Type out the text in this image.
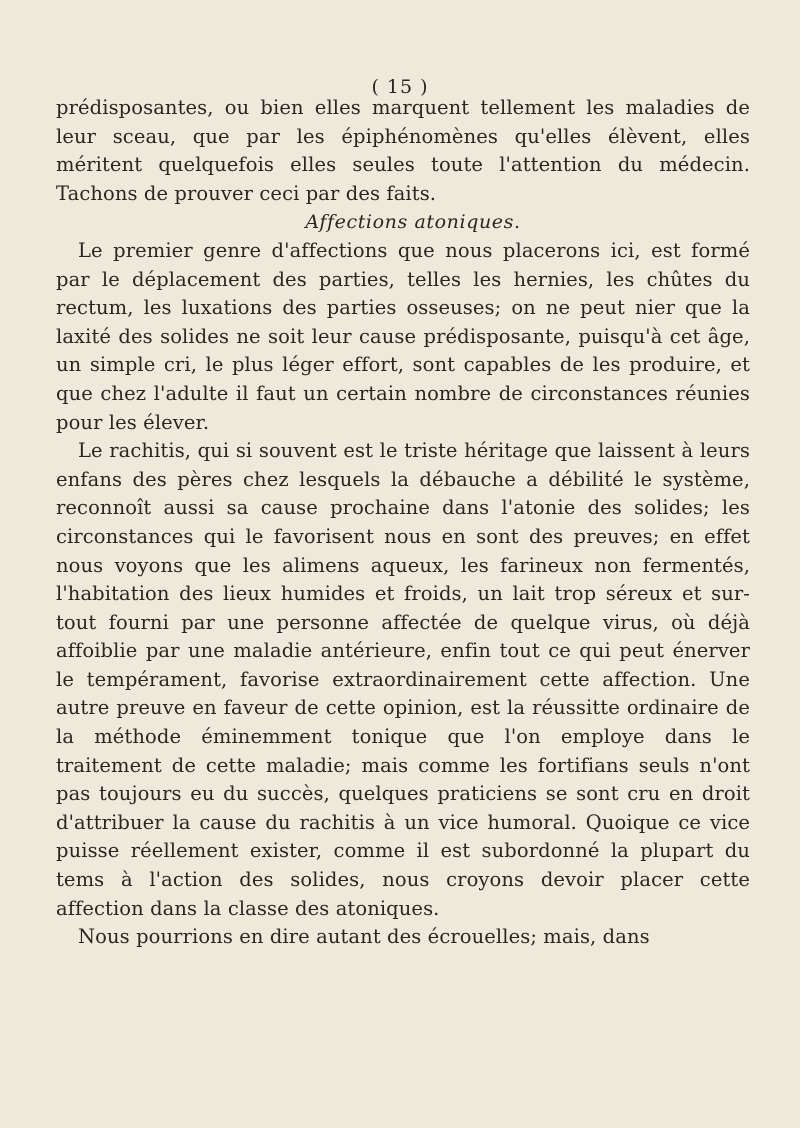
( 15 )

prédisposantes, ou bien elles marquent tellement les maladies de leur sceau, que par les épiphénomènes qu'elles élèvent, elles méritent quelquefois elles seules toute l'attention du médecin. Tachons de prouver ceci par des faits.

Affections atoniques.

Le premier genre d'affections que nous placerons ici, est formé par le déplacement des parties, telles les hernies, les chûtes du rectum, les luxations des parties osseuses; on ne peut nier que la laxité des solides ne soit leur cause prédisposante, puisqu'à cet âge, un simple cri, le plus léger effort, sont capables de les produire, et que chez l'adulte il faut un certain nombre de circonstances réunies pour les élever.

Le rachitis, qui si souvent est le triste héritage que laissent à leurs enfans des pères chez lesquels la débauche a débilité le système, reconnoît aussi sa cause prochaine dans l'atonie des solides; les circonstances qui le favorisent nous en sont des preuves; en effet nous voyons que les alimens aqueux, les farineux non fermentés, l'habitation des lieux humides et froids, un lait trop séreux et sur-tout fourni par une personne affectée de quelque virus, où déjà affoiblie par une maladie antérieure, enfin tout ce qui peut énerver le tempérament, favorise extraordinairement cette affection. Une autre preuve en faveur de cette opinion, est la réussitte ordinaire de la méthode éminemment tonique que l'on employe dans le traitement de cette maladie; mais comme les fortifians seuls n'ont pas toujours eu du succès, quelques praticiens se sont cru en droit d'attribuer la cause du rachitis à un vice humoral. Quoique ce vice puisse réellement exister, comme il est subordonné la plupart du tems à l'action des solides, nous croyons devoir placer cette affection dans la classe des atoniques.

Nous pourrions en dire autant des écrouelles; mais, dans
